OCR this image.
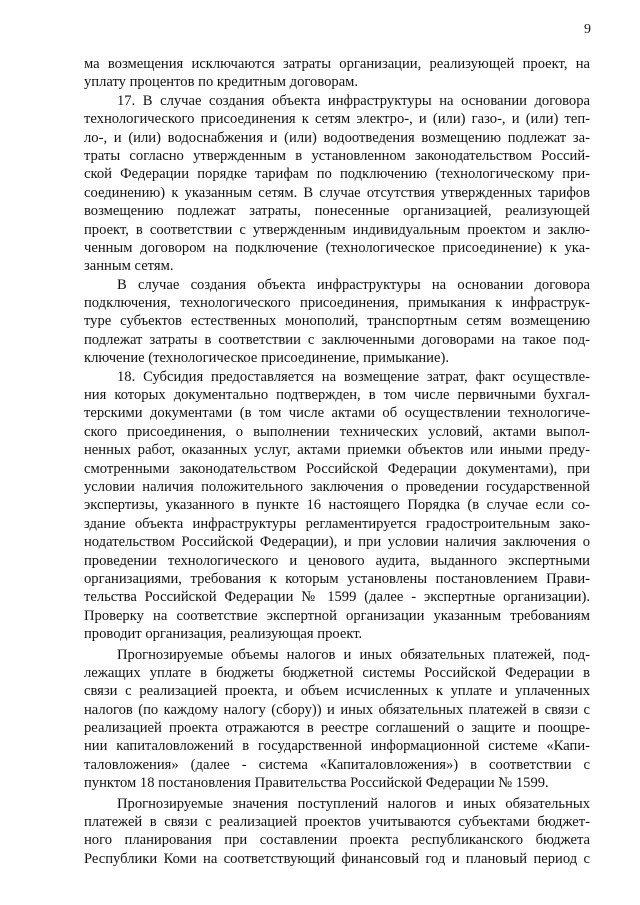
9
ма возмещения исключаются затраты организации, реализующей проект, на
уплату процентов по кредитным договорам.
17. В случае создания объекта инфраструктуры на основании договора
технологического присоединения к сетям электро-, и (или) газо-, и (или) теп-
ло-, и (или) водоснабжения и (или) водоотведения возмещению подлежат за-
траты согласно утвержденным в установленном законодательством Россий-
ской Федерации порядке тарифам по подключению (технологическому при-
соединению) к указанным сетям. В случае отсутствия утвержденных тарифов
возмещению подлежат затраты, понесенные организацией, реализующей
проект, в соответствии с утвержденным индивидуальным проектом и заклю-
ченным договором на подключение (технологическое присоединение) к ука-
занным сетям.
В случае создания объекта инфраструктуры на основании договора
подключения, технологического присоединения, примыкания к инфраструк-
туре субъектов естественных монополий, транспортным сетям возмещению
подлежат затраты в соответствии с заключенными договорами на такое под-
ключение (технологическое присоединение, примыкание).
18. Субсидия предоставляется на возмещение затрат, факт осуществле-
ния которых документально подтвержден, в том числе первичными бухгал-
терскими документами (в том числе актами об осуществлении технологиче-
ского присоединения, о выполнении технических условий, актами выпол-
ненных работ, оказанных услуг, актами приемки объектов или иными преду-
смотренными законодательством Российской Федерации документами), при
условии наличия положительного заключения о проведении государственной
экспертизы, указанного в пункте 16 настоящего Порядка (в случае если со-
здание объекта инфраструктуры регламентируется градостроительным зако-
нодательством Российской Федерации), и при условии наличия заключения о
проведении технологического и ценового аудита, выданного экспертными
организациями, требования к которым установлены постановлением Прави-
тельства Российской Федерации № 1599 (далее - экспертные организации).
Проверку на соответствие экспертной организации указанным требованиям
проводит организация, реализующая проект.
Прогнозируемые объемы налогов и иных обязательных платежей, под-
лежащих уплате в бюджеты бюджетной системы Российской Федерации в
связи с реализацией проекта, и объем исчисленных к уплате и уплаченных
налогов (по каждому налогу (сбору)) и иных обязательных платежей в связи с
реализацией проекта отражаются в реестре соглашений о защите и поощре-
нии капиталовложений в государственной информационной системе «Капи-
таловложения» (далее - система «Капиталовложения») в соответствии с
пунктом 18 постановления Правительства Российской Федерации № 1599.
Прогнозируемые значения поступлений налогов и иных обязательных
платежей в связи с реализацией проектов учитываются субъектами бюджет-
ного планирования при составлении проекта республиканского бюджета
Республики Коми на соответствующий финансовый год и плановый период с
